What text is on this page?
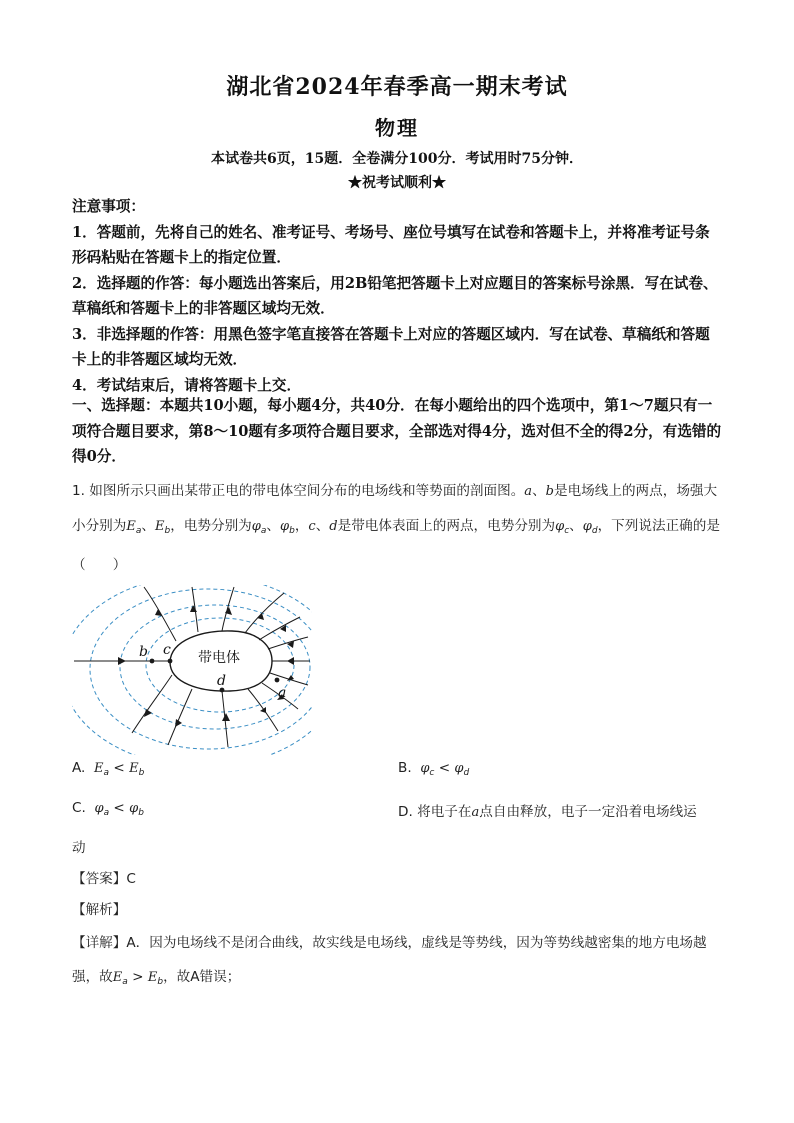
湖北省2024年春季高一期末考试
物理
本试卷共6页，15题．全卷满分100分．考试用时75分钟．
★祝考试顺利★
注意事项：
1．答题前，先将自己的姓名、准考证号、考场号、座位号填写在试卷和答题卡上，并将准考证号条形码粘贴在答题卡上的指定位置．
2．选择题的作答：每小题选出答案后，用2B铅笔把答题卡上对应题目的答案标号涂黑．写在试卷、草稿纸和答题卡上的非答题区域均无效．
3．非选择题的作答：用黑色签字笔直接答在答题卡上对应的答题区域内．写在试卷、草稿纸和答题卡上的非答题区域均无效．
4．考试结束后，请将答题卡上交．
一、选择题：本题共10小题，每小题4分，共40分．在每小题给出的四个选项中，第1～7题只有一项符合题目要求，第8～10题有多项符合题目要求，全部选对得4分，选对但不全的得2分，有选错的得0分．
1. 如图所示只画出某带正电的带电体空间分布的电场线和等势面的剖面图。a、b是电场线上的两点，场强大小分别为$E_a$、$E_b$，电势分别为$\varphi_a$、$\varphi_b$，c、d是带电体表面上的两点，电势分别为$\varphi_c$、$\varphi_d$，下列说法正确的是（　　）
带电体
b c
d
a
A. $E_a < E_b$	B. $\varphi_c < \varphi_d$
C. $\varphi_a < \varphi_b$	D. 将电子在a点自由释放，电子一定沿着电场线运
动
【答案】C
【解析】
【详解】A．因为电场线不是闭合曲线，故实线是电场线，虚线是等势线，因为等势线越密集的地方电场越强，故$E_a > E_b$，故A错误；
